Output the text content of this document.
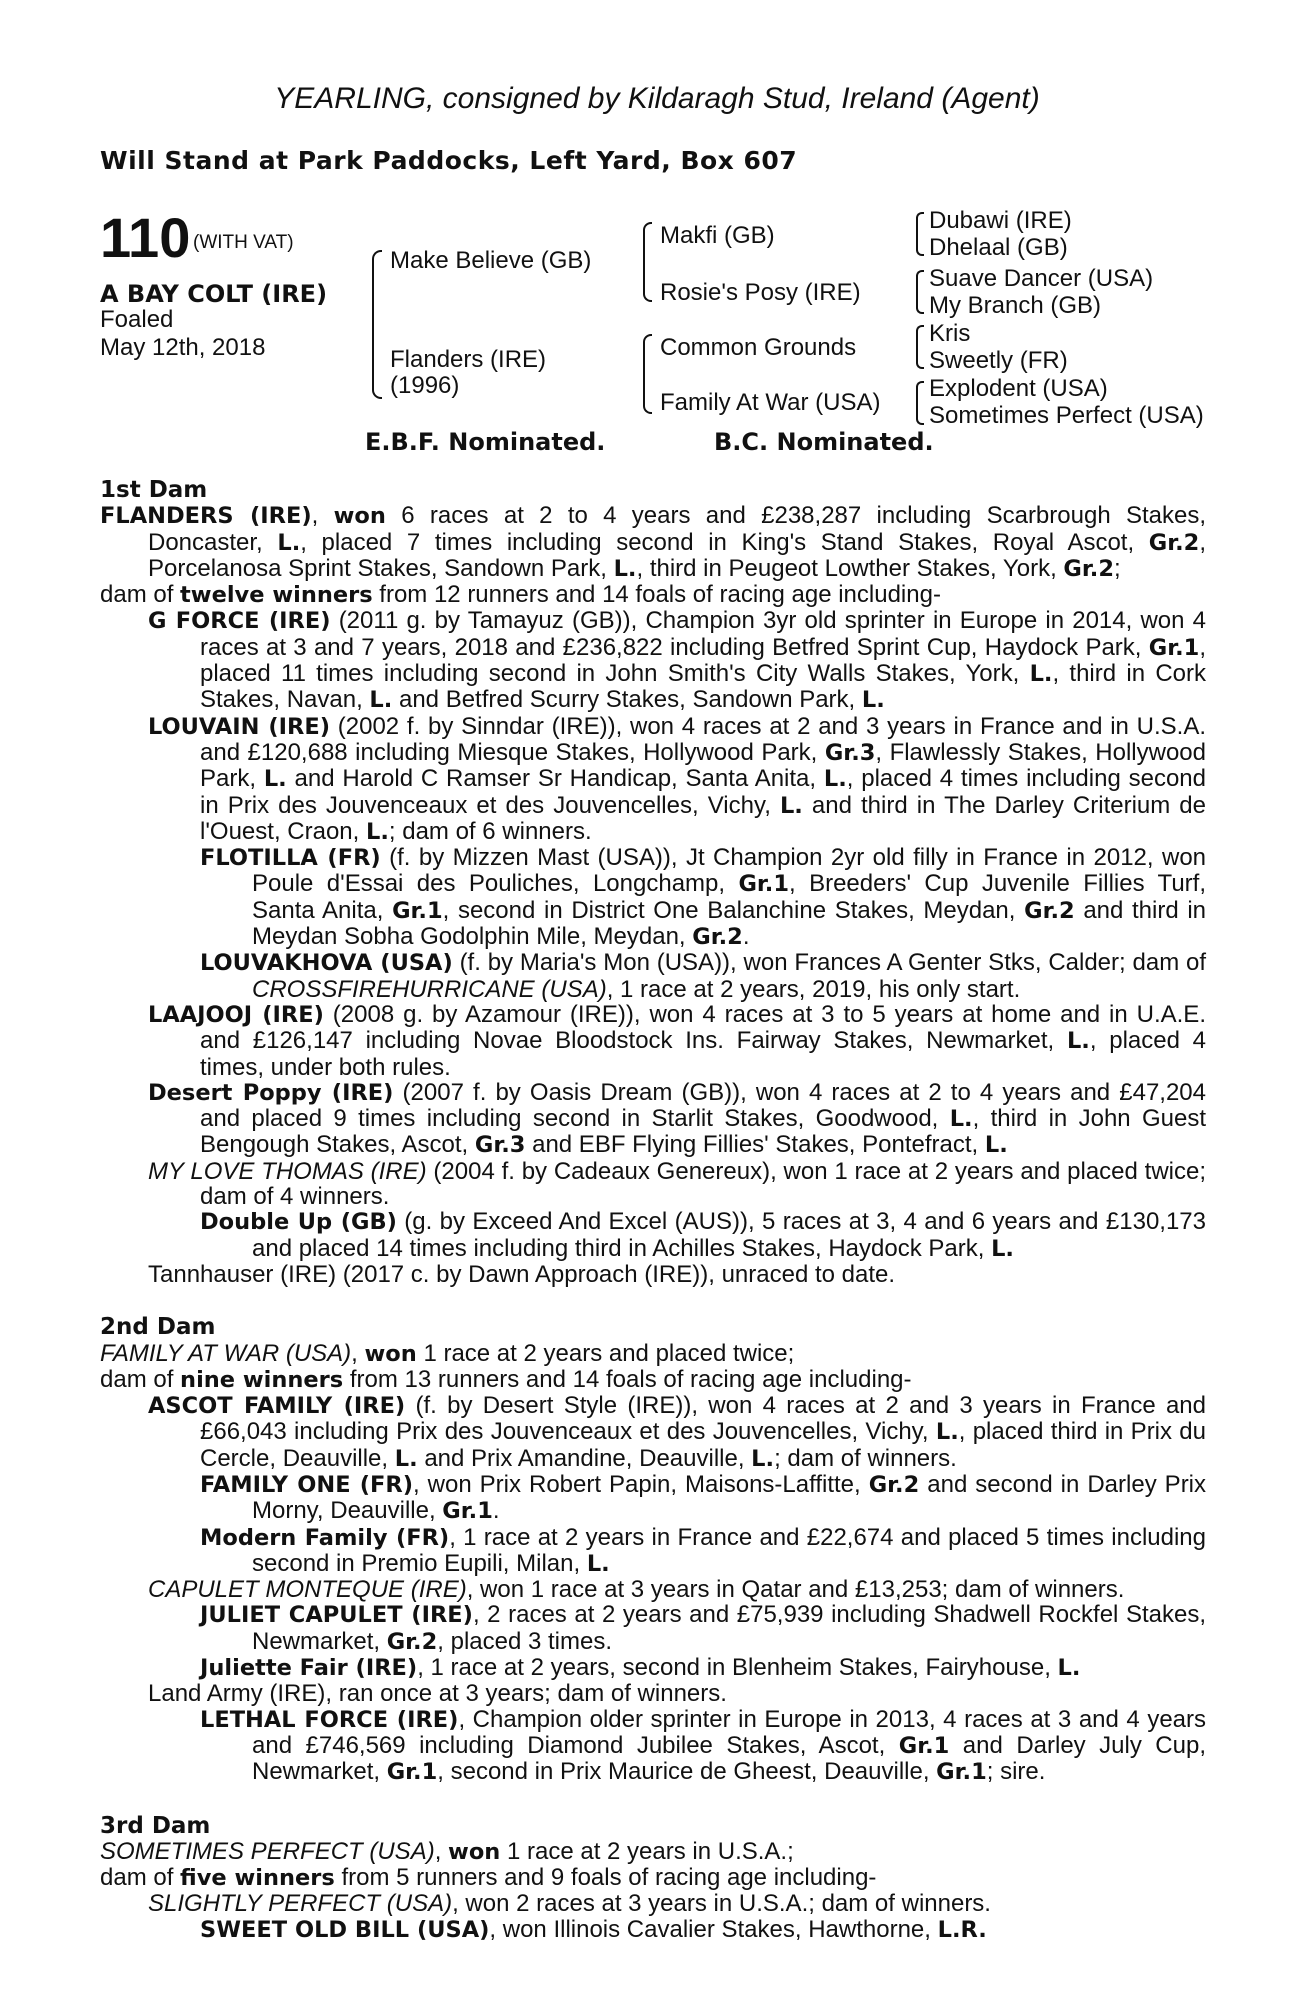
YEARLING, consigned by Kildaragh Stud, Ireland (Agent)
Will Stand at Park Paddocks, Left Yard, Box 607
110 (WITH VAT)
A BAY COLT (IRE)
Foaled
May 12th, 2018
Make Believe (GB)
Flanders (IRE)
(1996)
Makfi (GB)
Rosie's Posy (IRE)
Common Grounds
Family At War (USA)
Dubawi (IRE)
Dhelaal (GB)
Suave Dancer (USA)
My Branch (GB)
Kris
Sweetly (FR)
Explodent (USA)
Sometimes Perfect (USA)
E.B.F. Nominated.	B.C. Nominated.

1st Dam

FLANDERS (IRE), won 6 races at 2 to 4 years and £238,287 including Scarbrough Stakes, Doncaster, L., placed 7 times including second in King's Stand Stakes, Royal Ascot, Gr.2, Porcelanosa Sprint Stakes, Sandown Park, L., third in Peugeot Lowther Stakes, York, Gr.2;

dam of twelve winners from 12 runners and 14 foals of racing age including-

G FORCE (IRE) (2011 g. by Tamayuz (GB)), Champion 3yr old sprinter in Europe in 2014, won 4 races at 3 and 7 years, 2018 and £236,822 including Betfred Sprint Cup, Haydock Park, Gr.1, placed 11 times including second in John Smith's City Walls Stakes, York, L., third in Cork Stakes, Navan, L. and Betfred Scurry Stakes, Sandown Park, L.

LOUVAIN (IRE) (2002 f. by Sinndar (IRE)), won 4 races at 2 and 3 years in France and in U.S.A. and £120,688 including Miesque Stakes, Hollywood Park, Gr.3, Flawlessly Stakes, Hollywood Park, L. and Harold C Ramser Sr Handicap, Santa Anita, L., placed 4 times including second in Prix des Jouvenceaux et des Jouvencelles, Vichy, L. and third in The Darley Criterium de l'Ouest, Craon, L.; dam of 6 winners.

FLOTILLA (FR) (f. by Mizzen Mast (USA)), Jt Champion 2yr old filly in France in 2012, won Poule d'Essai des Pouliches, Longchamp, Gr.1, Breeders' Cup Juvenile Fillies Turf, Santa Anita, Gr.1, second in District One Balanchine Stakes, Meydan, Gr.2 and third in Meydan Sobha Godolphin Mile, Meydan, Gr.2.

LOUVAKHOVA (USA) (f. by Maria's Mon (USA)), won Frances A Genter Stks, Calder; dam of CROSSFIREHURRICANE (USA), 1 race at 2 years, 2019, his only start.

LAAJOOJ (IRE) (2008 g. by Azamour (IRE)), won 4 races at 3 to 5 years at home and in U.A.E. and £126,147 including Novae Bloodstock Ins. Fairway Stakes, Newmarket, L., placed 4 times, under both rules.

Desert Poppy (IRE) (2007 f. by Oasis Dream (GB)), won 4 races at 2 to 4 years and £47,204 and placed 9 times including second in Starlit Stakes, Goodwood, L., third in John Guest Bengough Stakes, Ascot, Gr.3 and EBF Flying Fillies' Stakes, Pontefract, L.

MY LOVE THOMAS (IRE) (2004 f. by Cadeaux Genereux), won 1 race at 2 years and placed twice; dam of 4 winners.

Double Up (GB) (g. by Exceed And Excel (AUS)), 5 races at 3, 4 and 6 years and £130,173 and placed 14 times including third in Achilles Stakes, Haydock Park, L.

Tannhauser (IRE) (2017 c. by Dawn Approach (IRE)), unraced to date.

2nd Dam

FAMILY AT WAR (USA), won 1 race at 2 years and placed twice;

dam of nine winners from 13 runners and 14 foals of racing age including-

ASCOT FAMILY (IRE) (f. by Desert Style (IRE)), won 4 races at 2 and 3 years in France and £66,043 including Prix des Jouvenceaux et des Jouvencelles, Vichy, L., placed third in Prix du Cercle, Deauville, L. and Prix Amandine, Deauville, L.; dam of winners.

FAMILY ONE (FR), won Prix Robert Papin, Maisons-Laffitte, Gr.2 and second in Darley Prix Morny, Deauville, Gr.1.

Modern Family (FR), 1 race at 2 years in France and £22,674 and placed 5 times including second in Premio Eupili, Milan, L.

CAPULET MONTEQUE (IRE), won 1 race at 3 years in Qatar and £13,253; dam of winners.

JULIET CAPULET (IRE), 2 races at 2 years and £75,939 including Shadwell Rockfel Stakes, Newmarket, Gr.2, placed 3 times.

Juliette Fair (IRE), 1 race at 2 years, second in Blenheim Stakes, Fairyhouse, L.

Land Army (IRE), ran once at 3 years; dam of winners.

LETHAL FORCE (IRE), Champion older sprinter in Europe in 2013, 4 races at 3 and 4 years and £746,569 including Diamond Jubilee Stakes, Ascot, Gr.1 and Darley July Cup, Newmarket, Gr.1, second in Prix Maurice de Gheest, Deauville, Gr.1; sire.

3rd Dam

SOMETIMES PERFECT (USA), won 1 race at 2 years in U.S.A.;

dam of five winners from 5 runners and 9 foals of racing age including-

SLIGHTLY PERFECT (USA), won 2 races at 3 years in U.S.A.; dam of winners.

SWEET OLD BILL (USA), won Illinois Cavalier Stakes, Hawthorne, L.R.
